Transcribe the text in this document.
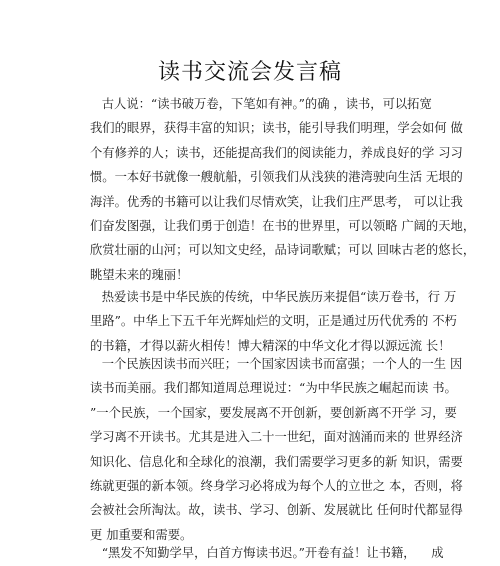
读书交流会发言稿
古人说：“读书破万卷，下笔如有神。”的确 ，读书，可以拓宽
我们的眼界，获得丰富的知识；读书，能引导我们明理，学会如何 做
个有修养的人；读书，还能提高我们的阅读能力，养成良好的学 习习
惯。一本好书就像一艘航船，引领我们从浅狭的港湾驶向生活 无垠的
海洋。优秀的书籍可以让我们尽情欢笑，让我们庄严思考， 可以让我
们奋发图强，让我们勇于创造！在书的世界里，可以领略 广阔的天地，
欣赏壮丽的山河；可以知文史经，品诗词歌赋；可以 回味古老的悠长，
眺望未来的瑰丽！
热爱读书是中华民族的传统，中华民族历来提倡“读万卷书，行 万
里路”。中华上下五千年光辉灿烂的文明，正是通过历代优秀的 不朽
的书籍，才得以薪火相传！博大精深的中华文化才得以源远流 长！
一个民族因读书而兴旺；一个国家因读书而富强；一个人的一生 因
读书而美丽。我们都知道周总理说过：“为中华民族之崛起而读 书。
”一个民族，一个国家，要发展离不开创新，要创新离不开学 习，要
学习离不开读书。尤其是进入二十一世纪，面对汹涌而来的 世界经济
知识化、信息化和全球化的浪潮，我们需要学习更多的新 知识，需要
练就更强的新本领。终身学习必将成为每个人的立世之 本，否则，将
会被社会所淘汰。故，读书、学习、创新、发展就比 任何时代都显得
更 加重要和需要。
“黑发不知勤学早，白首方悔读书迟。”开卷有益！让书籍，    成
